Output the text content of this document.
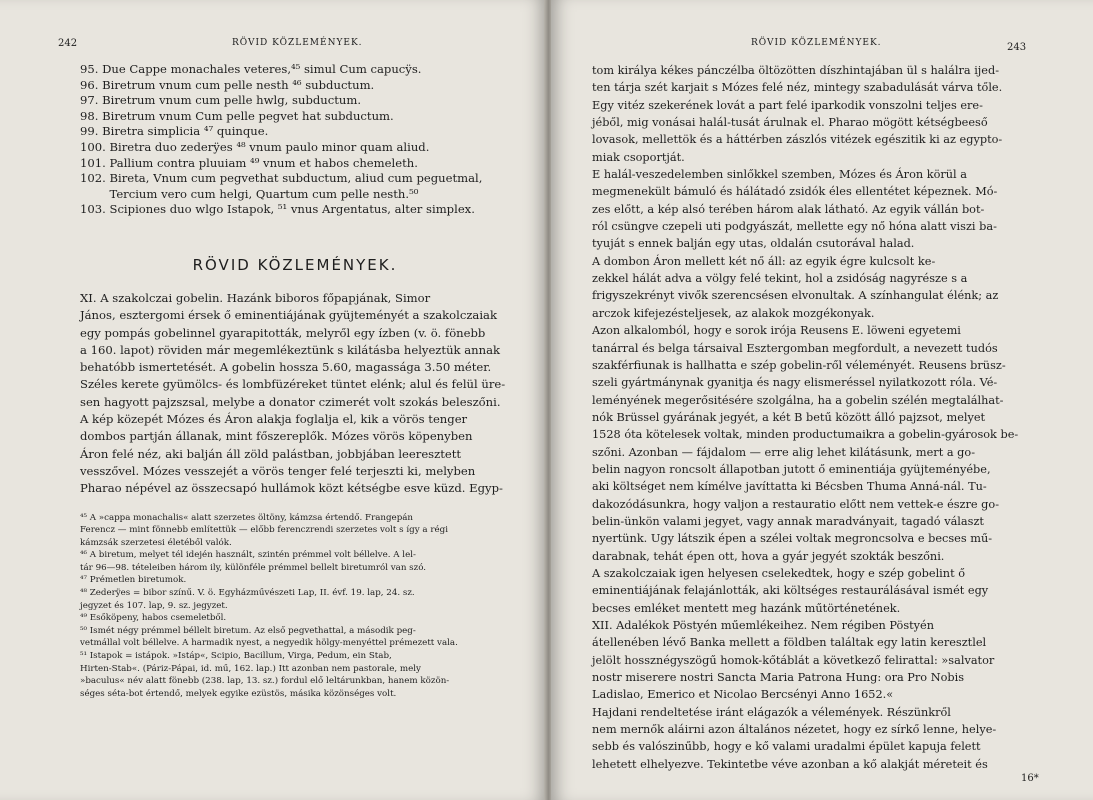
242	RÖVID KÖZLEMÉNYEK.
95. Due Cappe monachales veteres,⁴⁵ simul Cum capucÿs.
96. Biretrum vnum cum pelle nesth ⁴⁶ subductum.
97. Biretrum vnum cum pelle hwlg, subductum.
98. Biretrum vnum Cum pelle pegvet hat subductum.
99. Biretra simplicia ⁴⁷ quinque.
100. Biretra duo zederÿes ⁴⁸ vnum paulo minor quam aliud.
101. Pallium contra pluuiam ⁴⁹ vnum et habos chemeleth.
102. Bireta, Vnum cum pegvethat subductum, aliud cum peguetmal,
Tercium vero cum helgi, Quartum cum pelle nesth.⁵⁰
103. Scipiones duo wlgo Istapok, ⁵¹ vnus Argentatus, alter simplex.
RÖVID KÖZLEMÉNYEK.
XI. A szakolczai gobelin. Hazánk biboros főpapjának, Simor
János, esztergomi érsek ő eminentiájának gyüjteményét a szakolczaiak
egy pompás gobelinnel gyarapitották, melyről egy ízben (v. ö. fönebb
a 160. lapot) röviden már megemlékeztünk s kilátásba helyeztük annak
behatóbb ismertetését. A gobelin hossza 5.60, magassága 3.50 méter.
Széles kerete gyümölcs- és lombfüzéreket tüntet elénk; alul és felül üre-
sen hagyott pajzszsal, melybe a donator czimerét volt szokás beleszőni.
A kép közepét Mózes és Áron alakja foglalja el, kik a vörös tenger
dombos partján állanak, mint főszereplők. Mózes vörös köpenyben
Áron felé néz, aki balján áll zöld palástban, jobbjában leeresztett
vesszővel. Mózes vesszejét a vörös tenger felé terjeszti ki, melyben
Pharao népével az összecsapó hullámok közt kétségbe esve küzd. Egyp-
⁴⁵ A »cappa monachalis« alatt szerzetes öltöny, kámzsa értendő. Frangepán
Ferencz — mint fönnebb említettük — előbb ferenczrendi szerzetes volt s így a régi
kámzsák szerzetesi életéből valók.
⁴⁶ A biretum, melyet tél idején használt, szintén prémmel volt béllelve. A lel-
tár 96—98. tételeiben három ily, különféle prémmel bellelt biretumról van szó.
⁴⁷ Prémetlen biretumok.
⁴⁸ Zederÿes = bibor színű. V. ö. Egyházművészeti Lap, II. évf. 19. lap, 24. sz.
jegyzet és 107. lap, 9. sz. jegyzet.
⁴⁹ Esőköpeny, habos csemeletből.
⁵⁰ Ismét négy prémmel béllelt biretum. Az első pegvethattal, a második peg-
vetmállal volt béllelve. A harmadik nyest, a negyedik hölgy-menyéttel prémezett vala.
⁵¹ Istapok = istápok. »Istáp«, Scipio, Bacillum, Virga, Pedum, ein Stab,
Hirten-Stab«. (Páriz-Pápai, id. mű, 162. lap.) Itt azonban nem pastorale, mely
»baculus« név alatt fönebb (238. lap, 13. sz.) fordul elő leltárunkban, hanem közön-
séges séta-bot értendő, melyek egyike ezüstös, másika közönséges volt.
RÖVID KÖZLEMÉNYEK.	243
tom királya kékes pánczélba öltözötten díszhintajában ül s halálra ijed-
ten tárja szét karjait s Mózes felé néz, mintegy szabadulását várva tőle.
Egy vitéz szekerének lovát a part felé iparkodik vonszolni teljes ere-
jéből, mig vonásai halál-tusát árulnak el. Pharao mögött kétségbeeső
lovasok, mellettök és a háttérben zászlós vitézek egészitik ki az egypto-
miak csoportját.
E halál-veszedelemben sinlőkkel szemben, Mózes és Áron körül a
megmenekült bámuló és hálátadó zsidók éles ellentétet képeznek. Mó-
zes előtt, a kép alsó terében három alak látható. Az egyik vállán bot-
ról csüngve czepeli uti podgyászát, mellette egy nő hóna alatt viszi ba-
tyuját s ennek balján egy utas, oldalán csutorával halad.
A dombon Áron mellett két nő áll: az egyik égre kulcsolt ke-
zekkel hálát adva a völgy felé tekint, hol a zsidóság nagyrésze s a
frigyszekrényt vivők szerencsésen elvonultak. A színhangulat élénk; az
arczok kifejezésteljesek, az alakok mozgékonyak.
Azon alkalomból, hogy e sorok irója Reusens E. löweni egyetemi
tanárral és belga társaival Esztergomban megfordult, a nevezett tudós
szakférfiunak is hallhatta e szép gobelin-ről véleményét. Reusens brüsz-
szeli gyártmánynak gyanitja és nagy elismeréssel nyilatkozott róla. Vé-
leményének megerősitésére szolgálna, ha a gobelin szélén megtalálhat-
nók Brüssel gyárának jegyét, a két B betű között álló pajzsot, melyet
1528 óta kötelesek voltak, minden productumaikra a gobelin-gyárosok be-
szőni. Azonban — fájdalom — erre alig lehet kilátásunk, mert a go-
belin nagyon roncsolt állapotban jutott ő eminentiája gyüjteményébe,
aki költséget nem kímélve javíttatta ki Bécsben Thuma Anná-nál. Tu-
dakozódásunkra, hogy valjon a restauratio előtt nem vettek-e észre go-
belin-ünkön valami jegyet, vagy annak maradványait, tagadó választ
nyertünk. Ugy látszik épen a szélei voltak megroncsolva e becses mű-
darabnak, tehát épen ott, hova a gyár jegyét szokták beszőni.
A szakolczaiak igen helyesen cselekedtek, hogy e szép gobelint ő
eminentiájának felajánlották, aki költséges restaurálásával ismét egy
becses emléket mentett meg hazánk műtörténetének.
XII. Adalékok Pöstyén műemlékeihez. Nem régiben Pöstyén
átellenében lévő Banka mellett a földben találtak egy latin keresztlel
jelölt hossznégyszögű homok-kőtáblát a következő felirattal: »salvator
nostr miserere nostri Sancta Maria Patrona Hung: ora Pro Nobis
Ladislao, Emerico et Nicolao Bercsényi Anno 1652.«
Hajdani rendeltetése iránt elágazók a vélemények. Részünkről
nem mernők aláirni azon általános nézetet, hogy ez sírkő lenne, helye-
sebb és valószinűbb, hogy e kő valami uradalmi épület kapuja felett
lehetett elhelyezve. Tekintetbe véve azonban a kő alakját méreteit és
16*
